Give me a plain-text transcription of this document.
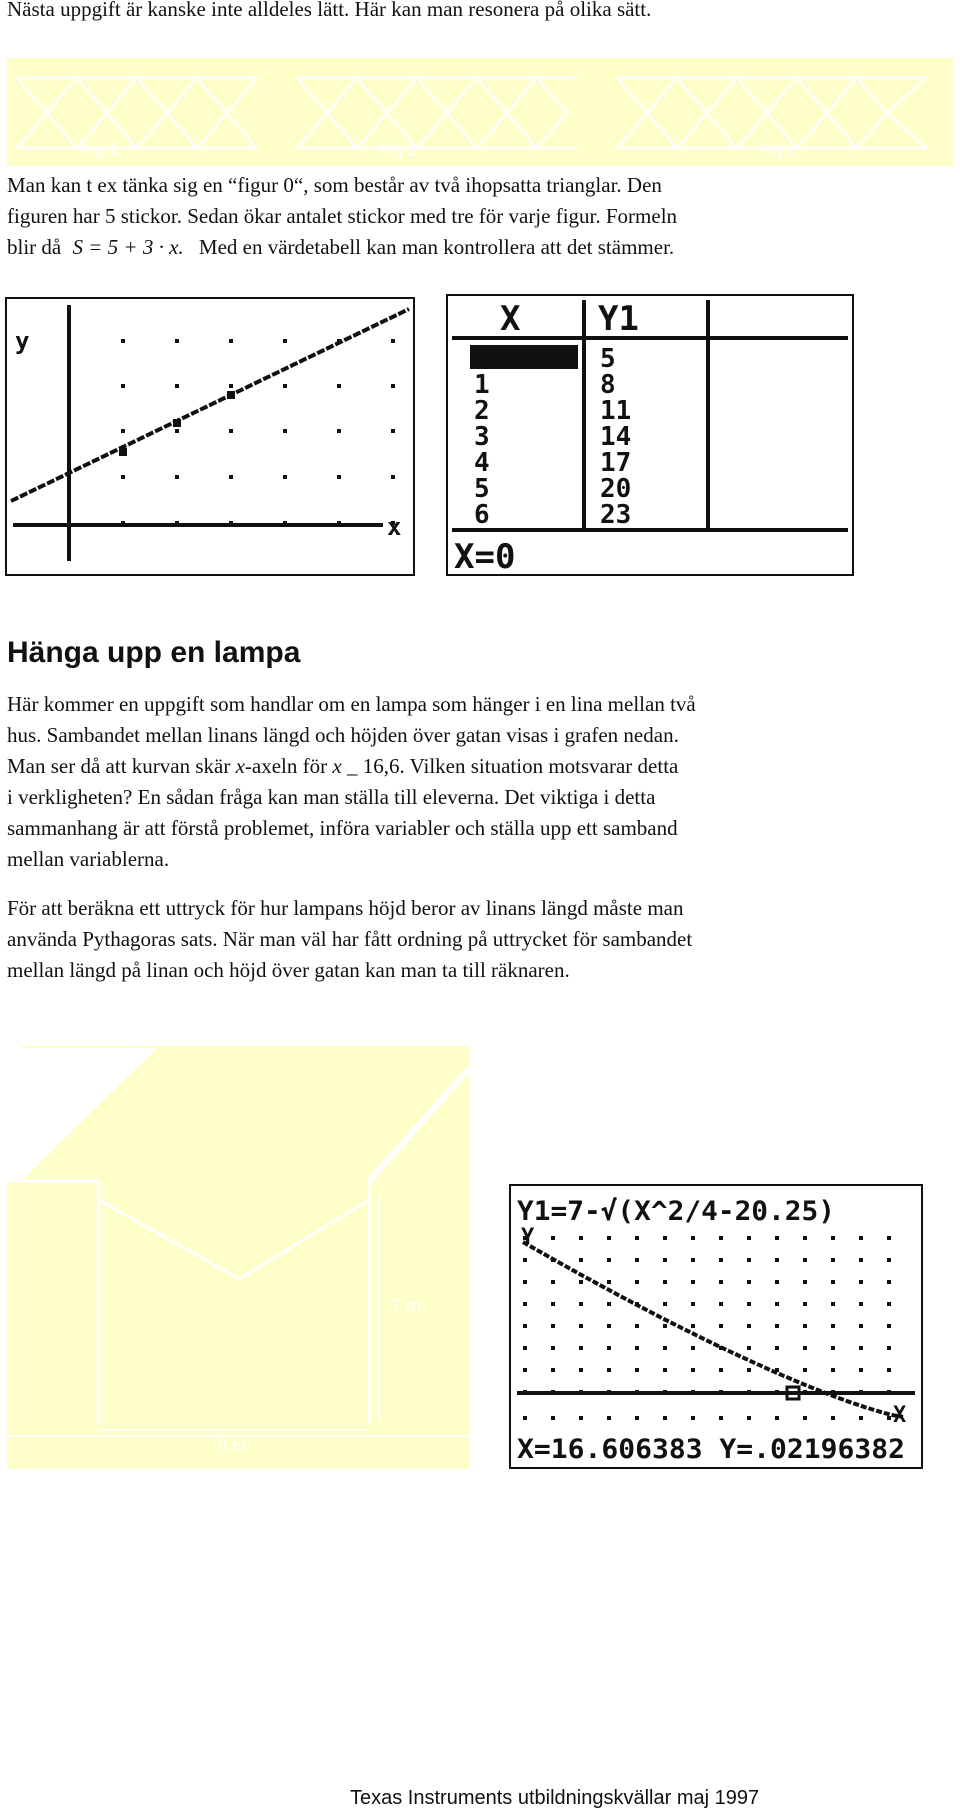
Nästa uppgift är kanske inte alldeles lätt. Här kan man resonera på olika sätt.
Fig 1	Fig 2	Fig 3
Man kan t ex tänka sig en “figur 0“, som består av två ihopsatta trianglar. Den
figuren har 5 stickor. Sedan ökar antalet stickor med tre för varje figur. Formeln
blir då S = 5 + 3 · x. Med en värdetabell kan man kontrollera att det stämmer.
y
x
X Y1
0	5
1	8
2	11
3	14
4	17
5	20
6	23
X=0
Hänga upp en lampa
Här kommer en uppgift som handlar om en lampa som hänger i en lina mellan två
hus. Sambandet mellan linans längd och höjden över gatan visas i grafen nedan.
Man ser då att kurvan skär x-axeln för x _ 16,6. Vilken situation motsvarar detta
i verkligheten? En sådan fråga kan man ställa till eleverna. Det viktiga i detta
sammanhang är att förstå problemet, införa variabler och ställa upp ett samband
mellan variablerna.
För att beräkna ett uttryck för hur lampans höjd beror av linans längd måste man
använda Pythagoras sats. När man väl har fått ordning på uttrycket för sambandet
mellan längd på linan och höjd över gatan kan man ta till räknaren.
7 m
9 m
Y1=7-√(X^2/4-20.25)
Y
X
X=16.606383 Y=.02196382
Texas Instruments utbildningskvällar maj 1997
